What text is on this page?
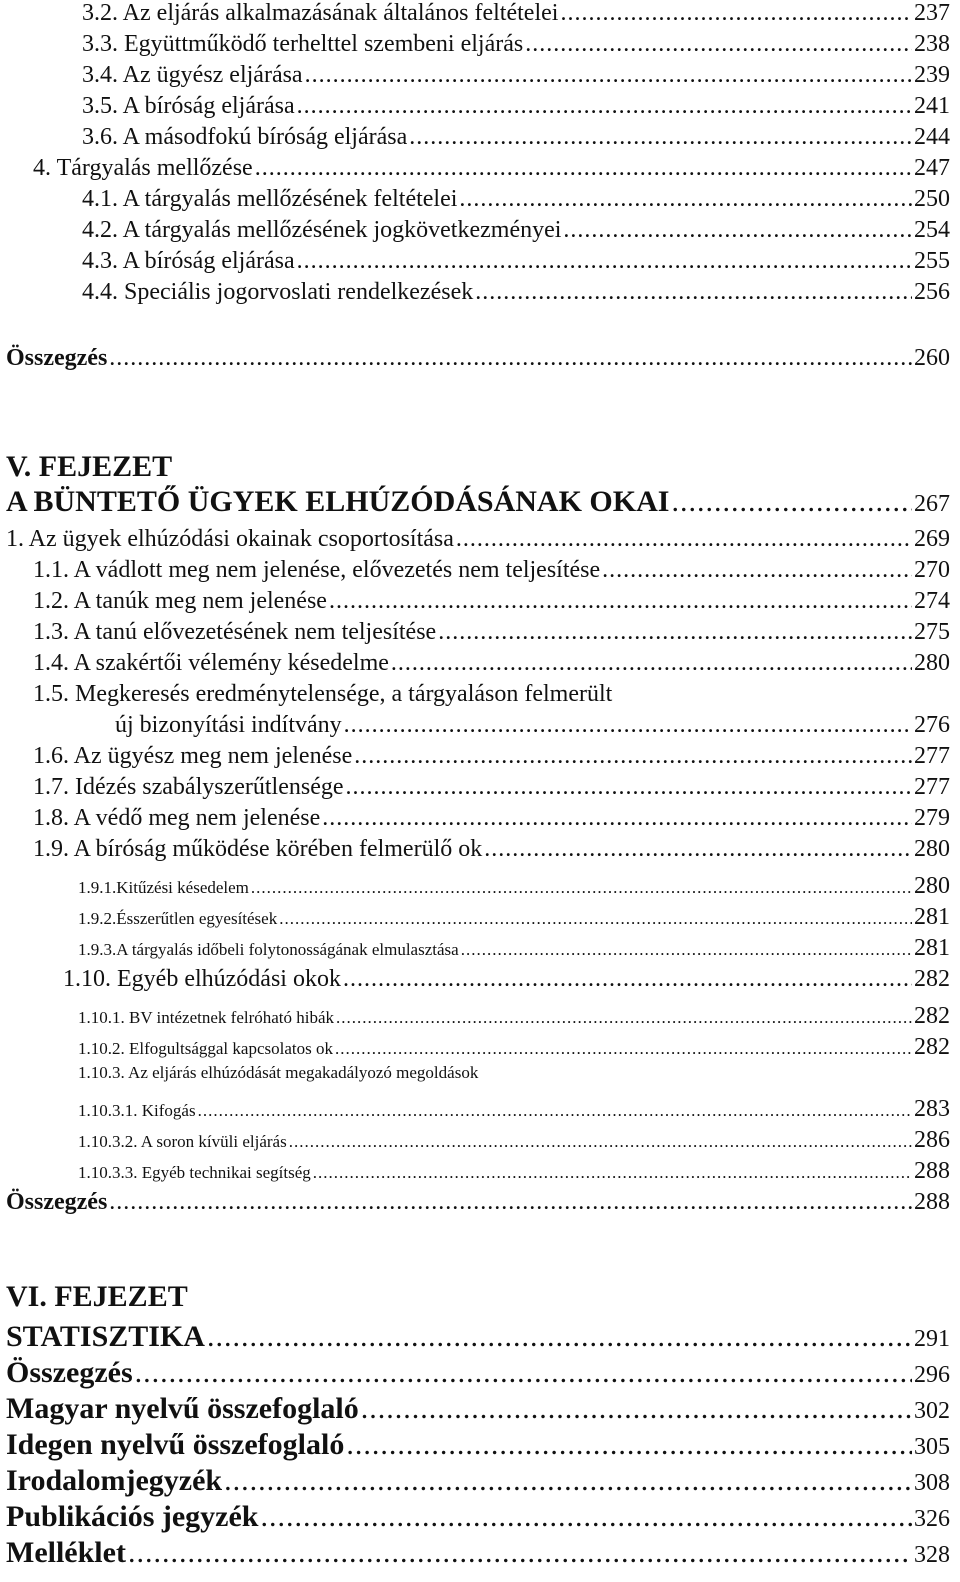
3.2. Az eljárás alkalmazásának általános feltételei .....	237
3.3. Együttműködő terhelttel szembeni eljárás .....	238
3.4. Az ügyész eljárása .....	239
3.5. A bíróság eljárása .....	241
3.6. A másodfokú bíróság eljárása .....	244
4. Tárgyalás mellőzése .....	247
4.1. A tárgyalás mellőzésének feltételei .....	250
4.2. A tárgyalás mellőzésének jogkövetkezményei .....	254
4.3. A bíróság eljárása .....	255
4.4. Speciális jogorvoslati rendelkezések .....	256
Összegzés .....	260
V. FEJEZET
A BÜNTETŐ ÜGYEK ELHÚZÓDÁSÁNAK OKAI .....	267
1. Az ügyek elhúzódási okainak csoportosítása .....	269
1.1. A vádlott meg nem jelenése, elővezetés nem teljesítése .....	270
1.2. A tanúk meg nem jelenése .....	274
1.3. A tanú elővezetésének nem teljesítése .....	275
1.4. A szakértői vélemény késedelme .....	280
1.5. Megkeresés eredménytelensége, a tárgyaláson felmerült
új bizonyítási indítvány .....	276
1.6. Az ügyész meg nem jelenése .....	277
1.7. Idézés szabályszerűtlensége .....	277
1.8. A védő meg nem jelenése .....	279
1.9. A bíróság működése körében felmerülő ok .....	280
1.9.1.Kitűzési késedelem .....	280
1.9.2.Ésszerűtlen egyesítések .....	281
1.9.3.A tárgyalás időbeli folytonosságának elmulasztása .....	281
1.10. Egyéb elhúzódási okok .....	282
1.10.1. BV intézetnek felróható hibák .....	282
1.10.2. Elfogultsággal kapcsolatos ok .....	282
1.10.3. Az eljárás elhúzódását megakadályozó megoldások
1.10.3.1. Kifogás .....	283
1.10.3.2. A soron kívüli eljárás .....	286
1.10.3.3. Egyéb technikai segítség .....	288
Összegzés .....	288
VI. FEJEZET
STATISZTIKA .....	291
Összegzés .....	296
Magyar nyelvű összefoglaló .....	302
Idegen nyelvű összefoglaló .....	305
Irodalomjegyzék .....	308
Publikációs jegyzék .....	326
Melléklet .....	328
